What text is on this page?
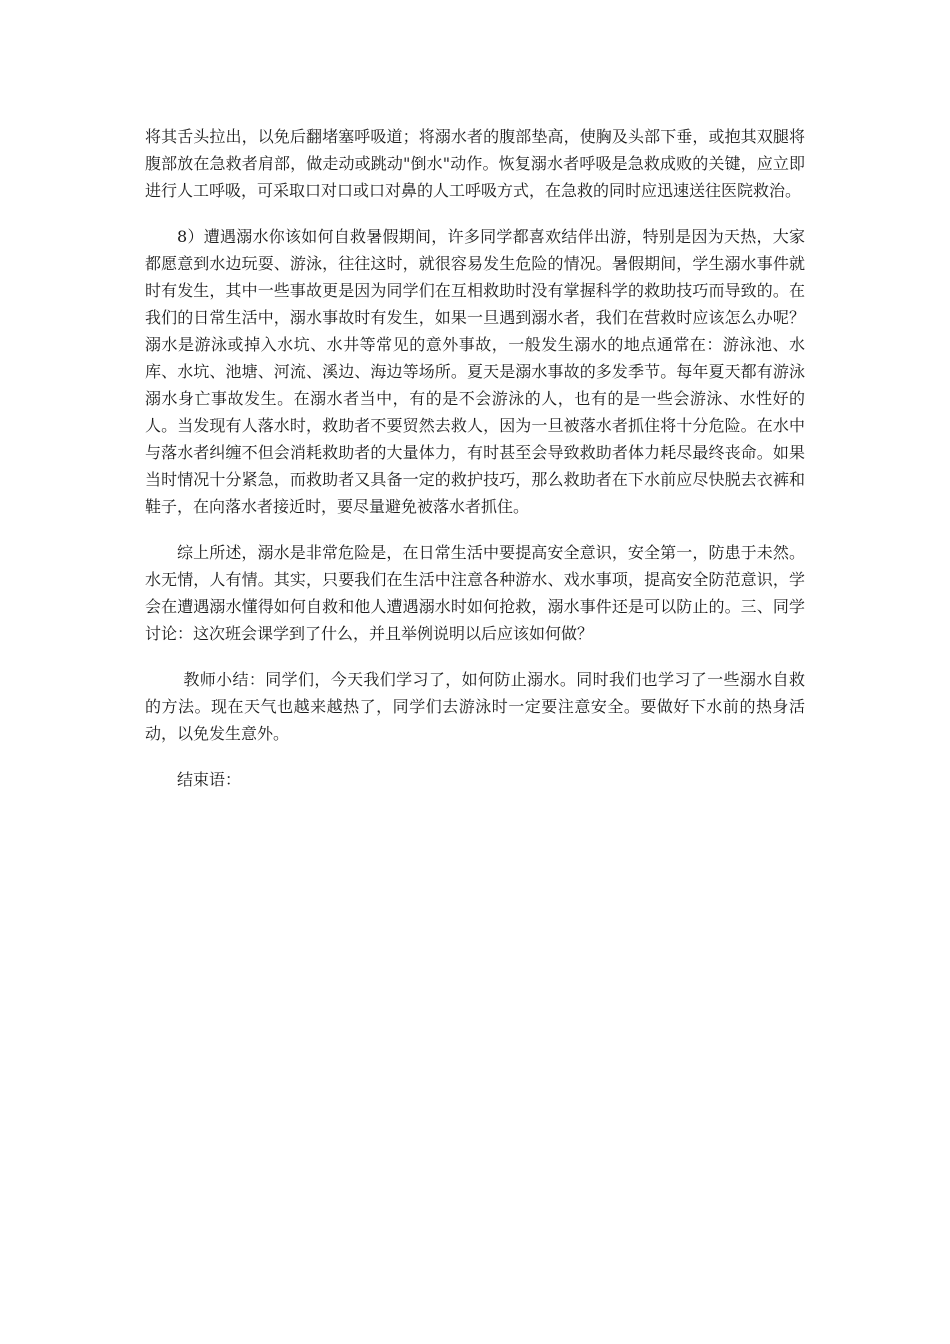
将其舌头拉出，以免后翻堵塞呼吸道；将溺水者的腹部垫高，使胸及头部下垂，或抱其双腿将腹部放在急救者肩部，做走动或跳动"倒水"动作。恢复溺水者呼吸是急救成败的关键，应立即进行人工呼吸，可采取口对口或口对鼻的人工呼吸方式，在急救的同时应迅速送往医院救治。

8）遭遇溺水你该如何自救暑假期间，许多同学都喜欢结伴出游，特别是因为天热，大家都愿意到水边玩耍、游泳，往往这时，就很容易发生危险的情况。暑假期间，学生溺水事件就时有发生，其中一些事故更是因为同学们在互相救助时没有掌握科学的救助技巧而导致的。在我们的日常生活中，溺水事故时有发生，如果一旦遇到溺水者，我们在营救时应该怎么办呢？溺水是游泳或掉入水坑、水井等常见的意外事故，一般发生溺水的地点通常在：游泳池、水库、水坑、池塘、河流、溪边、海边等场所。夏天是溺水事故的多发季节。每年夏天都有游泳溺水身亡事故发生。在溺水者当中，有的是不会游泳的人，也有的是一些会游泳、水性好的人。当发现有人落水时，救助者不要贸然去救人，因为一旦被落水者抓住将十分危险。在水中与落水者纠缠不但会消耗救助者的大量体力，有时甚至会导致救助者体力耗尽最终丧命。如果当时情况十分紧急，而救助者又具备一定的救护技巧，那么救助者在下水前应尽快脱去衣裤和鞋子，在向落水者接近时，要尽量避免被落水者抓住。

综上所述，溺水是非常危险是，在日常生活中要提高安全意识，安全第一，防患于未然。水无情，人有情。其实，只要我们在生活中注意各种游水、戏水事项，提高安全防范意识，学会在遭遇溺水懂得如何自救和他人遭遇溺水时如何抢救，溺水事件还是可以防止的。三、同学讨论：这次班会课学到了什么，并且举例说明以后应该如何做？

教师小结：同学们，今天我们学习了，如何防止溺水。同时我们也学习了一些溺水自救的方法。现在天气也越来越热了，同学们去游泳时一定要注意安全。要做好下水前的热身活动，以免发生意外。

结束语：
